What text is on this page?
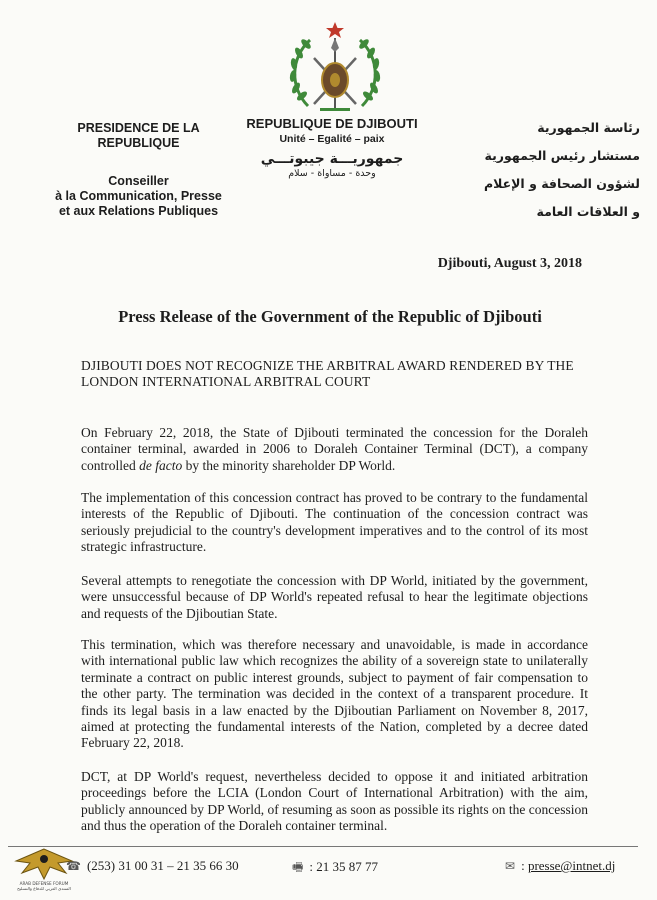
PRESIDENCE DE LA
REPUBLIQUE
Conseiller
à la Communication, Presse
et aux Relations Publiques
REPUBLIQUE DE DJIBOUTI
Unité – Egalité – paix
جمهوريـــة جيبوتـــي
وحدة - مساواة - سلام
رئاسة الجمهورية
مستشار رئيس الجمهورية
لشؤون الصحافة و الإعلام
و العلاقات العامة
Djibouti, August 3, 2018
Press Release of the Government of the Republic of Djibouti
DJIBOUTI DOES NOT RECOGNIZE THE ARBITRAL AWARD RENDERED BY THE LONDON INTERNATIONAL ARBITRAL COURT
On February 22, 2018, the State of Djibouti terminated the concession for the Doraleh container terminal, awarded in 2006 to Doraleh Container Terminal (DCT), a company controlled de facto by the minority shareholder DP World.
The implementation of this concession contract has proved to be contrary to the fundamental interests of the Republic of Djibouti. The continuation of the concession contract was seriously prejudicial to the country's development imperatives and to the control of its most strategic infrastructure.
Several attempts to renegotiate the concession with DP World, initiated by the government, were unsuccessful because of DP World's repeated refusal to hear the legitimate objections and requests of the Djiboutian State.
This termination, which was therefore necessary and unavoidable, is made in accordance with international public law which recognizes the ability of a sovereign state to unilaterally terminate a contract on public interest grounds, subject to payment of fair compensation to the other party. The termination was decided in the context of a transparent procedure. It finds its legal basis in a law enacted by the Djiboutian Parliament on November 8, 2017, aimed at protecting the fundamental interests of the Nation, completed by a decree dated February 22, 2018.
DCT, at DP World's request, nevertheless decided to oppose it and initiated arbitration proceedings before the LCIA (London Court of International Arbitration) with the aim, publicly announced by DP World, of resuming as soon as possible its rights on the concession and thus the operation of the Doraleh container terminal.
☎ (253) 31 00 31 – 21 35 66 30	🖷 : 21 35 87 77	✉ : presse@intnet.dj
ARAB DEFENSE FORUM
المنتدى العربي للدفاع والتسليح
